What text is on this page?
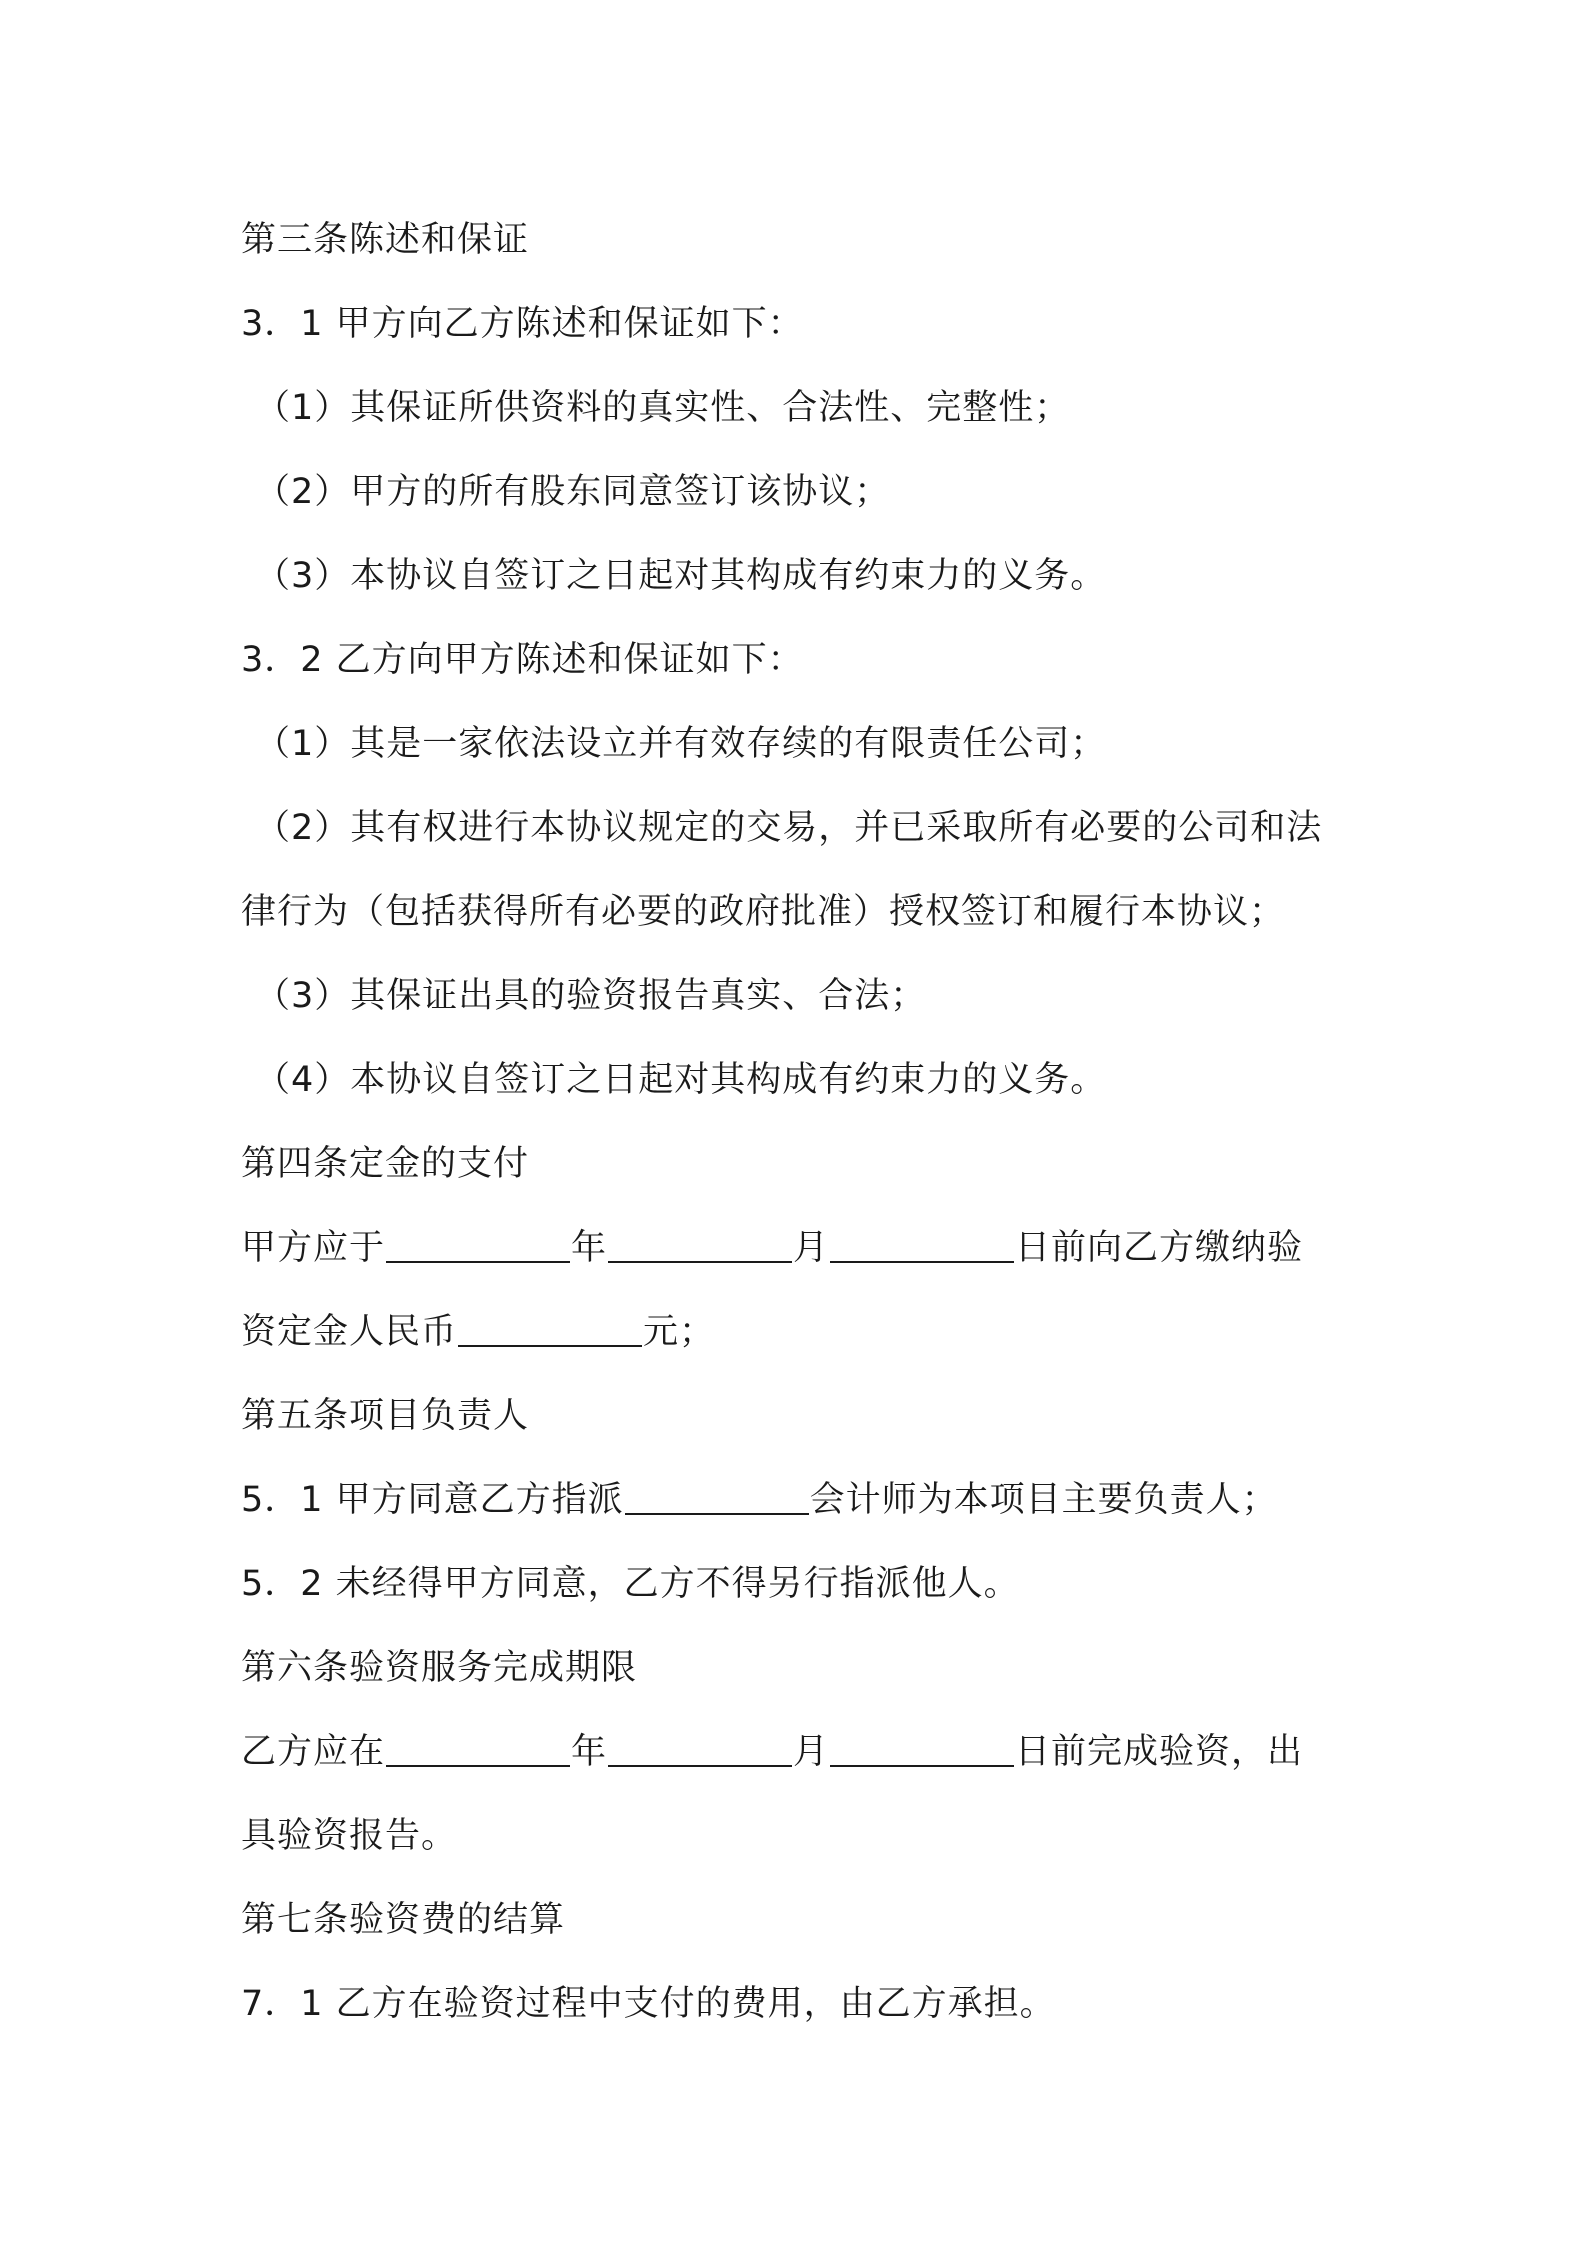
第三条陈述和保证
3．1 甲方向乙方陈述和保证如下：
（1）其保证所供资料的真实性、合法性、完整性；
（2）甲方的所有股东同意签订该协议；
（3）本协议自签订之日起对其构成有约束力的义务。
3．2 乙方向甲方陈述和保证如下：
（1）其是一家依法设立并有效存续的有限责任公司；
（2）其有权进行本协议规定的交易，并已采取所有必要的公司和法
律行为（包括获得所有必要的政府批准）授权签订和履行本协议；
（3）其保证出具的验资报告真实、合法；
（4）本协议自签订之日起对其构成有约束力的义务。
第四条定金的支付
甲方应于	年	月	日前向乙方缴纳验
资定金人民币	元；
第五条项目负责人
5．1 甲方同意乙方指派	会计师为本项目主要负责人；
5．2 未经得甲方同意，乙方不得另行指派他人。
第六条验资服务完成期限
乙方应在	年	月	日前完成验资，出
具验资报告。
第七条验资费的结算
7．1 乙方在验资过程中支付的费用，由乙方承担。
